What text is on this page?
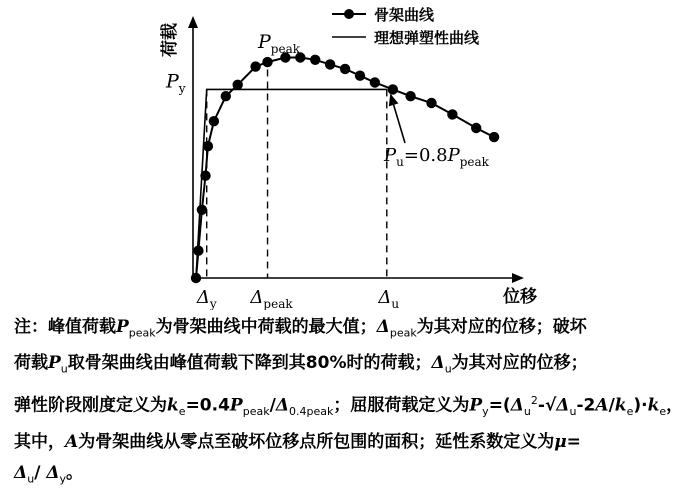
荷载
位移
$P_y$
$P_{peak}$
$P_u=0.8P_{peak}$
$\Delta_y$ $\Delta_{peak}$	$\Delta_u$
骨架曲线
理想弹塑性曲线
注：峰值荷载$P_{peak}$为骨架曲线中荷载的最大值；$\Delta_{peak}$为其对应的位移；破坏
荷载$P_u$取骨架曲线由峰值荷载下降到其80%时的荷载；$\Delta_u$为其对应的位移；
弹性阶段刚度定义为$k_e=0.4P_{peak}/\Delta_{0.4peak}$；屈服荷载定义为$P_y=(\Delta_u^2-√\Delta_u-2A/k_e)\cdot k_e$，
其中，A为骨架曲线从零点至破坏位移点所包围的面积；延性系数定义为μ=
$\Delta_u/$ $\Delta_y$。
